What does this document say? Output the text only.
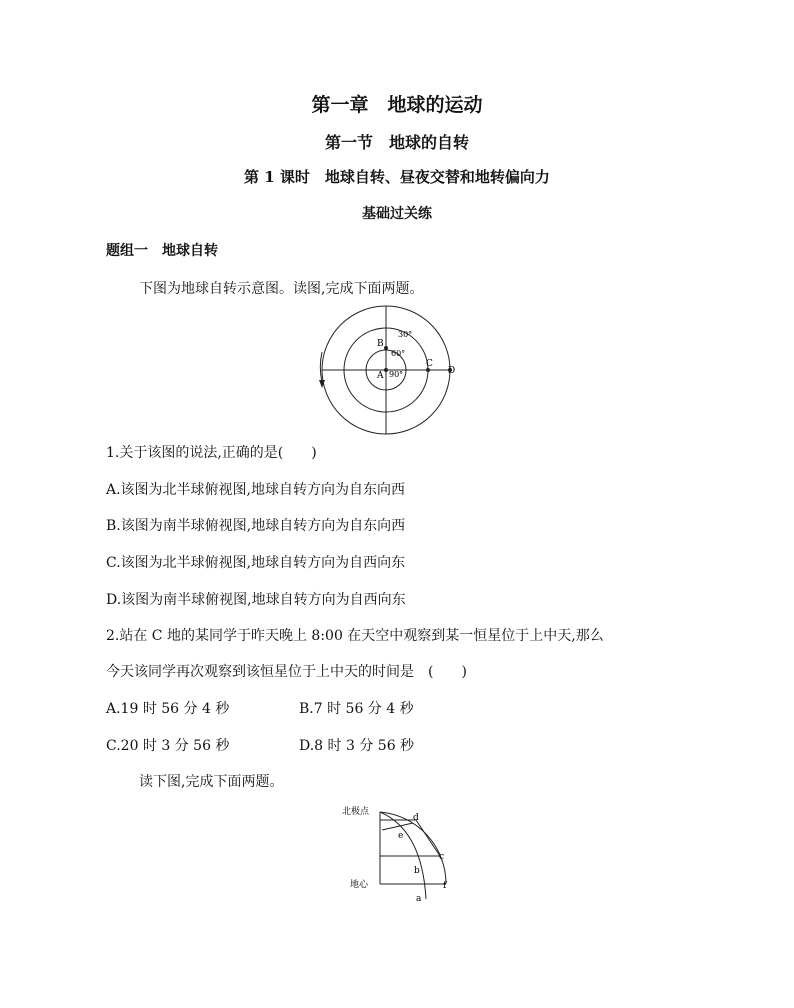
第一章　地球的运动
第一节　地球的自转
第 1 课时　地球自转、昼夜交替和地转偏向力
基础过关练
题组一　地球自转
下图为地球自转示意图。读图,完成下面两题。
B
A
C
D
30°
60°
90°
1.关于该图的说法,正确的是(　　)
A.该图为北半球俯视图,地球自转方向为自东向西
B.该图为南半球俯视图,地球自转方向为自东向西
C.该图为北半球俯视图,地球自转方向为自西向东
D.该图为南半球俯视图,地球自转方向为自西向东
2.站在 C 地的某同学于昨天晚上 8:00 在天空中观察到某一恒星位于上中天,那么
今天该同学再次观察到该恒星位于上中天的时间是　(　　)
A.19 时 56 分 4 秒	B.7 时 56 分 4 秒
C.20 时 3 分 56 秒	D.8 时 3 分 56 秒
读下图,完成下面两题。
北极点
地心
d
e
c
b
f
a
